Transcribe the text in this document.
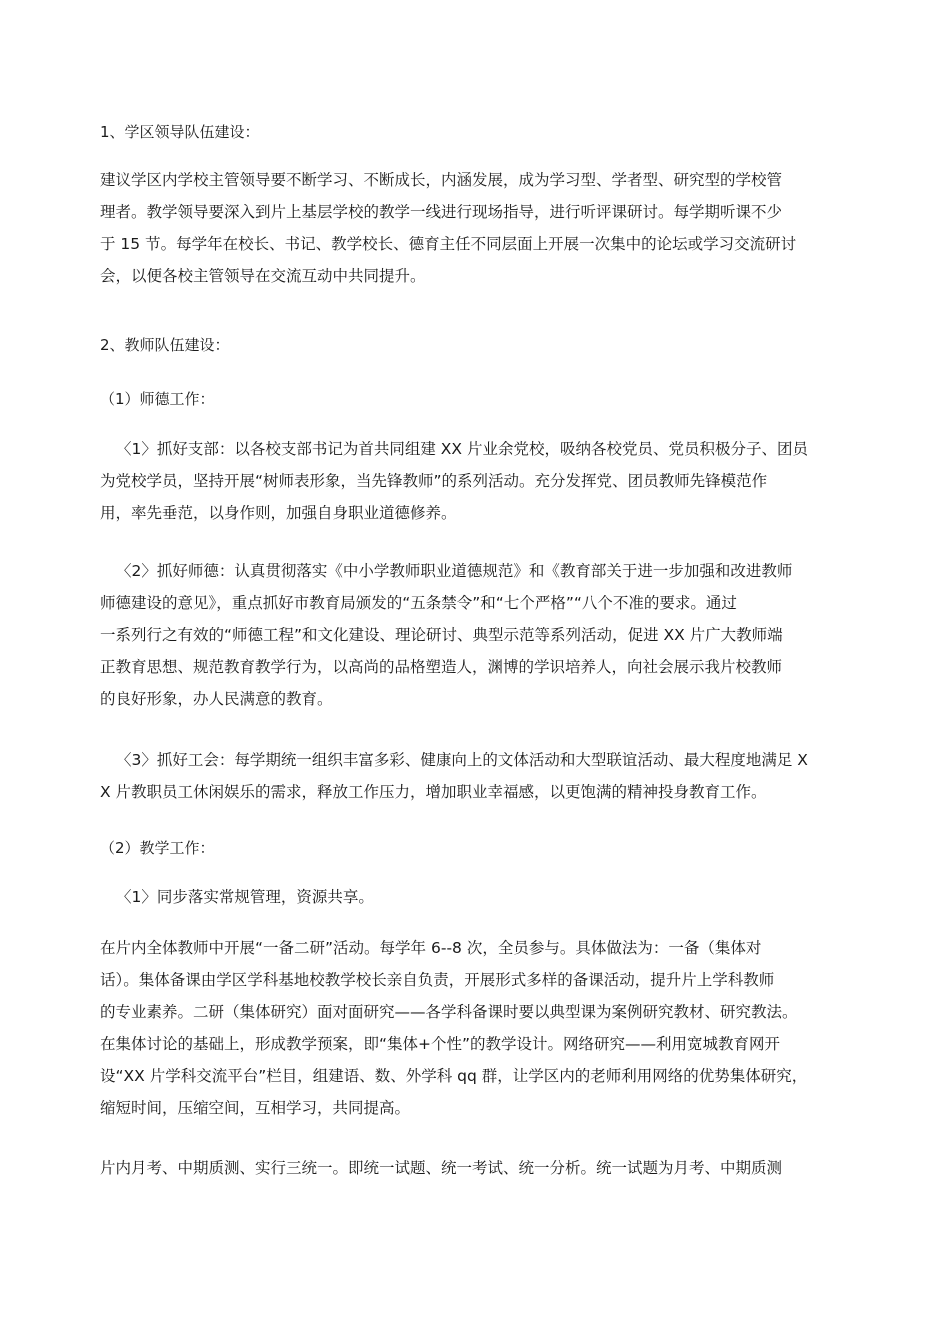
1、学区领导队伍建设：
建议学区内学校主管领导要不断学习、不断成长，内涵发展，成为学习型、学者型、研究型的学校管
理者。教学领导要深入到片上基层学校的教学一线进行现场指导，进行听评课研讨。每学期听课不少
于 15 节。每学年在校长、书记、教学校长、德育主任不同层面上开展一次集中的论坛或学习交流研讨
会，以便各校主管领导在交流互动中共同提升。
2、教师队伍建设：
（1）师德工作：
〈1〉抓好支部：以各校支部书记为首共同组建 XX 片业余党校，吸纳各校党员、党员积极分子、团员
为党校学员，坚持开展“树师表形象，当先锋教师”的系列活动。充分发挥党、团员教师先锋模范作
用，率先垂范，以身作则，加强自身职业道德修养。
〈2〉抓好师德：认真贯彻落实《中小学教师职业道德规范》和《教育部关于进一步加强和改进教师
师德建设的意见》，重点抓好市教育局颁发的“五条禁令”和“七个严格”“八个不准的要求。通过
一系列行之有效的“师德工程”和文化建设、理论研讨、典型示范等系列活动，促进 XX 片广大教师端
正教育思想、规范教育教学行为，以高尚的品格塑造人，渊博的学识培养人，向社会展示我片校教师
的良好形象，办人民满意的教育。
〈3〉抓好工会：每学期统一组织丰富多彩、健康向上的文体活动和大型联谊活动、最大程度地满足 X
X 片教职员工休闲娱乐的需求，释放工作压力，增加职业幸福感，以更饱满的精神投身教育工作。
（2）教学工作：
〈1〉同步落实常规管理，资源共享。
在片内全体教师中开展“一备二研”活动。每学年 6--8 次，全员参与。具体做法为：一备（集体对
话）。集体备课由学区学科基地校教学校长亲自负责，开展形式多样的备课活动，提升片上学科教师
的专业素养。二研（集体研究）面对面研究——各学科备课时要以典型课为案例研究教材、研究教法。
在集体讨论的基础上，形成教学预案，即“集体+个性”的教学设计。网络研究——利用宽城教育网开
设“XX 片学科交流平台”栏目，组建语、数、外学科 qq 群，让学区内的老师利用网络的优势集体研究，
缩短时间，压缩空间，互相学习，共同提高。
片内月考、中期质测、实行三统一。即统一试题、统一考试、统一分析。统一试题为月考、中期质测
